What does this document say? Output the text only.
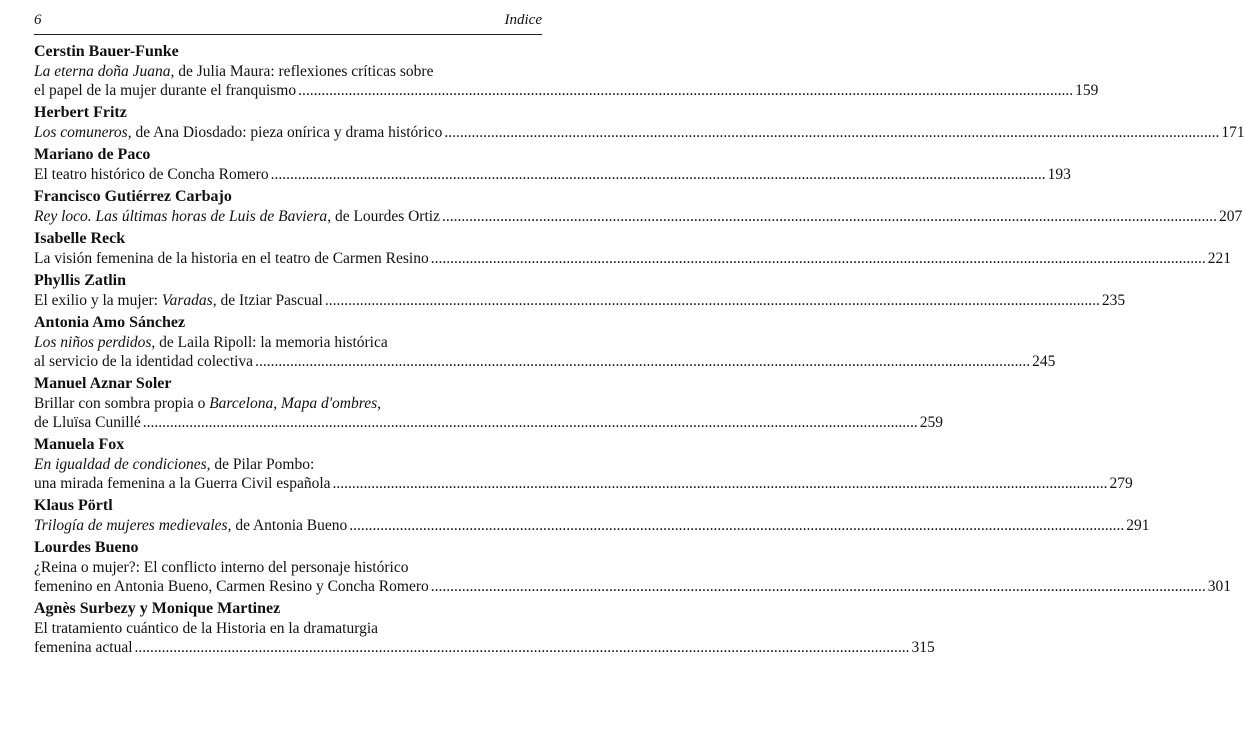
6	Indice
Cerstin Bauer-Funke
La eterna doña Juana, de Julia Maura: reflexiones críticas sobre
el papel de la mujer durante el franquismo ........................................................................................................................................................................................................ 159
Herbert Fritz
Los comuneros, de Ana Diosdado: pieza onírica y drama histórico ........................................................................................................................................................................................................ 171
Mariano de Paco
El teatro histórico de Concha Romero ........................................................................................................................................................................................................ 193
Francisco Gutiérrez Carbajo
Rey loco. Las últimas horas de Luis de Baviera, de Lourdes Ortiz ........................................................................................................................................................................................................ 207
Isabelle Reck
La visión femenina de la historia en el teatro de Carmen Resino ........................................................................................................................................................................................................ 221
Phyllis Zatlin
El exilio y la mujer: Varadas, de Itziar Pascual ........................................................................................................................................................................................................ 235
Antonia Amo Sánchez
Los niños perdidos, de Laila Ripoll: la memoria histórica
al servicio de la identidad colectiva ........................................................................................................................................................................................................ 245
Manuel Aznar Soler
Brillar con sombra propia o Barcelona, Mapa d'ombres,
de Lluïsa Cunillé ........................................................................................................................................................................................................ 259
Manuela Fox
En igualdad de condiciones, de Pilar Pombo:
una mirada femenina a la Guerra Civil española ........................................................................................................................................................................................................ 279
Klaus Pörtl
Trilogía de mujeres medievales, de Antonia Bueno ........................................................................................................................................................................................................ 291
Lourdes Bueno
¿Reina o mujer?: El conflicto interno del personaje histórico
femenino en Antonia Bueno, Carmen Resino y Concha Romero ........................................................................................................................................................................................................ 301
Agnès Surbezy y Monique Martinez
El tratamiento cuántico de la Historia en la dramaturgia
femenina actual ........................................................................................................................................................................................................ 315
